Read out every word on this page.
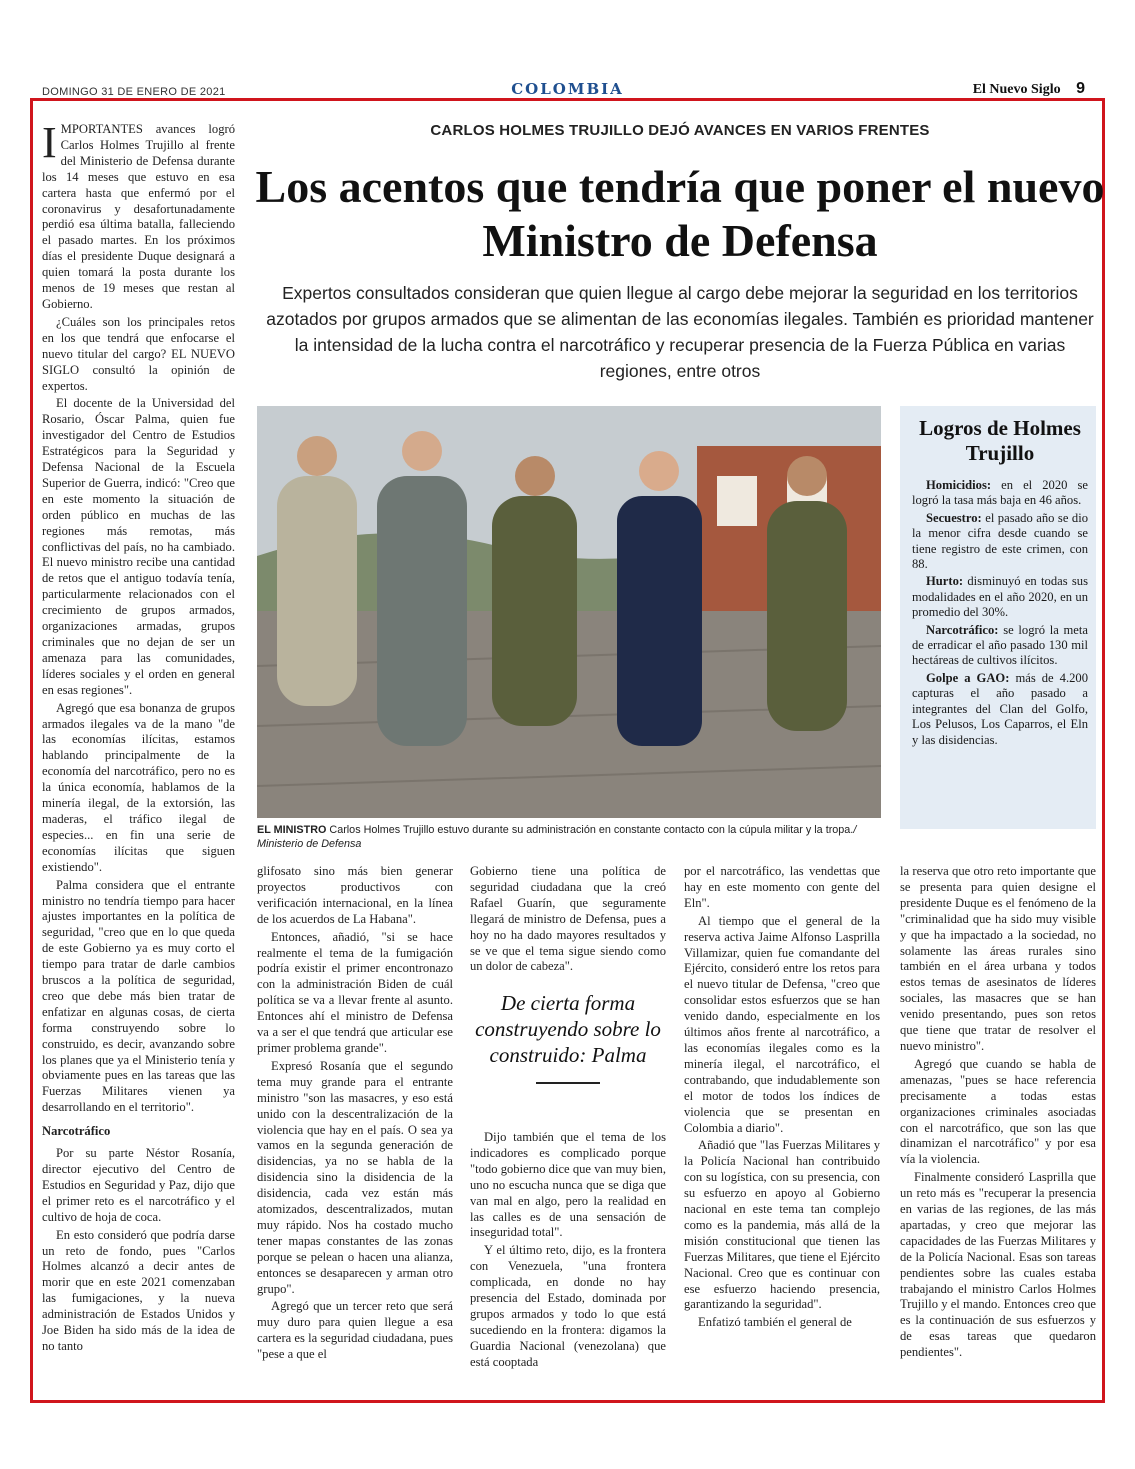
DOMINGO 31 DE ENERO DE 2021	COLOMBIA	El Nuevo Siglo 9
CARLOS HOLMES TRUJILLO DEJÓ AVANCES EN VARIOS FRENTES
Los acentos que tendría que poner el nuevo Ministro de Defensa
Expertos consultados consideran que quien llegue al cargo debe mejorar la seguridad en los territorios azotados por grupos armados que se alimentan de las economías ilegales. También es prioridad mantener la intensidad de la lucha contra el narcotráfico y recuperar presencia de la Fuerza Pública en varias regiones, entre otros

IMPORTANTES avances logró Carlos Holmes Trujillo al frente del Ministerio de Defensa durante los 14 meses que estuvo en esa cartera hasta que enfermó por el coronavirus y desafortunadamente perdió esa última batalla, falleciendo el pasado martes. En los próximos días el presidente Duque designará a quien tomará la posta durante los menos de 19 meses que restan al Gobierno.

¿Cuáles son los principales retos en los que tendrá que enfocarse el nuevo titular del cargo? EL NUEVO SIGLO consultó la opinión de expertos.

El docente de la Universidad del Rosario, Óscar Palma, quien fue investigador del Centro de Estudios Estratégicos para la Seguridad y Defensa Nacional de la Escuela Superior de Guerra, indicó: "Creo que en este momento la situación de orden público en muchas de las regiones más remotas, más conflictivas del país, no ha cambiado. El nuevo ministro recibe una cantidad de retos que el antiguo todavía tenía, particularmente relacionados con el crecimiento de grupos armados, organizaciones armadas, grupos criminales que no dejan de ser un amenaza para las comunidades, líderes sociales y el orden en general en esas regiones".

Agregó que esa bonanza de grupos armados ilegales va de la mano "de las economías ilícitas, estamos hablando principalmente de la economía del narcotráfico, pero no es la única economía, hablamos de la minería ilegal, de la extorsión, las maderas, el tráfico ilegal de especies... en fin una serie de economías ilícitas que siguen existiendo".

Palma considera que el entrante ministro no tendría tiempo para hacer ajustes importantes en la política de seguridad, "creo que en lo que queda de este Gobierno ya es muy corto el tiempo para tratar de darle cambios bruscos a la política de seguridad, creo que debe más bien tratar de enfatizar en algunas cosas, de cierta forma construyendo sobre lo construido, es decir, avanzando sobre los planes que ya el Ministerio tenía y obviamente pues en las tareas que las Fuerzas Militares vienen ya desarrollando en el territorio".

Narcotráfico

Por su parte Néstor Rosanía, director ejecutivo del Centro de Estudios en Seguridad y Paz, dijo que el primer reto es el narcotráfico y el cultivo de hoja de coca.

En esto consideró que podría darse un reto de fondo, pues "Carlos Holmes alcanzó a decir antes de morir que en este 2021 comenzaban las fumigaciones, y la nueva administración de Estados Unidos y Joe Biden ha sido más de la idea de no tanto

EL MINISTRO Carlos Holmes Trujillo estuvo durante su administración en constante contacto con la cúpula militar y la tropa./ Ministerio de Defensa
Logros de Holmes Trujillo

Homicidios: en el 2020 se logró la tasa más baja en 46 años.

Secuestro: el pasado año se dio la menor cifra desde cuando se tiene registro de este crimen, con 88.

Hurto: disminuyó en todas sus modalidades en el año 2020, en un promedio del 30%.

Narcotráfico: se logró la meta de erradicar el año pasado 130 mil hectáreas de cultivos ilícitos.

Golpe a GAO: más de 4.200 capturas el año pasado a integrantes del Clan del Golfo, Los Pelusos, Los Caparros, el Eln y las disidencias.

glifosato sino más bien generar proyectos productivos con verificación internacional, en la línea de los acuerdos de La Habana".

Entonces, añadió, "si se hace realmente el tema de la fumigación podría existir el primer encontronazo con la administración Biden de cuál política se va a llevar frente al asunto. Entonces ahí el ministro de Defensa va a ser el que tendrá que articular ese primer problema grande".

Expresó Rosanía que el segundo tema muy grande para el entrante ministro "son las masacres, y eso está unido con la descentralización de la violencia que hay en el país. O sea ya vamos en la segunda generación de disidencias, ya no se habla de la disidencia sino la disidencia de la disidencia, cada vez están más atomizados, descentralizados, mutan muy rápido. Nos ha costado mucho tener mapas constantes de las zonas porque se pelean o hacen una alianza, entonces se desaparecen y arman otro grupo".

Agregó que un tercer reto que será muy duro para quien llegue a esa cartera es la seguridad ciudadana, pues "pese a que el

Gobierno tiene una política de seguridad ciudadana que la creó Rafael Guarín, que seguramente llegará de ministro de Defensa, pues a hoy no ha dado mayores resultados y se ve que el tema sigue siendo como un dolor de cabeza".

De cierta forma construyendo sobre lo construido: Palma

Dijo también que el tema de los indicadores es complicado porque "todo gobierno dice que van muy bien, uno no escucha nunca que se diga que van mal en algo, pero la realidad en las calles es de una sensación de inseguridad total".

Y el último reto, dijo, es la frontera con Venezuela, "una frontera complicada, en donde no hay presencia del Estado, dominada por grupos armados y todo lo que está sucediendo en la frontera: digamos la Guardia Nacional (venezolana) que está cooptada

por el narcotráfico, las vendettas que hay en este momento con gente del Eln".

Al tiempo que el general de la reserva activa Jaime Alfonso Lasprilla Villamizar, quien fue comandante del Ejército, consideró entre los retos para el nuevo titular de Defensa, "creo que consolidar estos esfuerzos que se han venido dando, especialmente en los últimos años frente al narcotráfico, a las economías ilegales como es la minería ilegal, el narcotráfico, el contrabando, que indudablemente son el motor de todos los índices de violencia que se presentan en Colombia a diario".

Añadió que "las Fuerzas Militares y la Policía Nacional han contribuido con su logística, con su presencia, con su esfuerzo en apoyo al Gobierno nacional en este tema tan complejo como es la pandemia, más allá de la misión constitucional que tienen las Fuerzas Militares, que tiene el Ejército Nacional. Creo que es continuar con ese esfuerzo haciendo presencia, garantizando la seguridad".

Enfatizó también el general de

la reserva que otro reto importante que se presenta para quien designe el presidente Duque es el fenómeno de la "criminalidad que ha sido muy visible y que ha impactado a la sociedad, no solamente las áreas rurales sino también en el área urbana y todos estos temas de asesinatos de líderes sociales, las masacres que se han venido presentando, pues son retos que tiene que tratar de resolver el nuevo ministro".

Agregó que cuando se habla de amenazas, "pues se hace referencia precisamente a todas estas organizaciones criminales asociadas con el narcotráfico, que son las que dinamizan el narcotráfico" y por esa vía la violencia.

Finalmente consideró Lasprilla que un reto más es "recuperar la presencia en varias de las regiones, de las más apartadas, y creo que mejorar las capacidades de las Fuerzas Militares y de la Policía Nacional. Esas son tareas pendientes sobre las cuales estaba trabajando el ministro Carlos Holmes Trujillo y el mando. Entonces creo que es la continuación de sus esfuerzos y de esas tareas que quedaron pendientes".
